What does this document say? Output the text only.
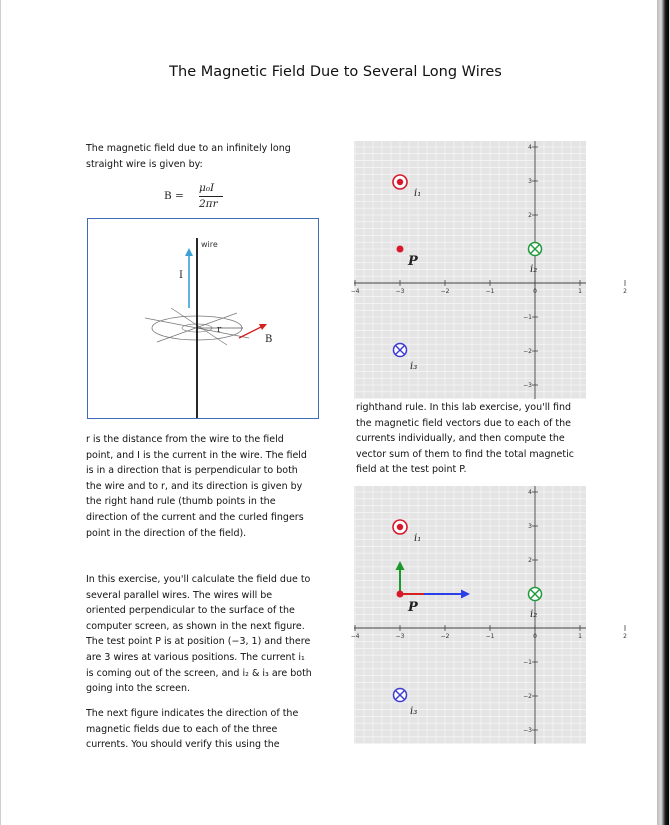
The Magnetic Field Due to Several Long Wires
The magnetic field due to an infinitely long
straight wire is given by:
B =
μ₀I
2πr
wire
I
r
B
r is the distance from the wire to the field
point, and I is the current in the wire. The field
is in a direction that is perpendicular to both
the wire and to r, and its direction is given by
the right hand rule (thumb points in the
direction of the current and the curled fingers
point in the direction of the field).
In this exercise, you'll calculate the field due to
several parallel wires. The wires will be
oriented perpendicular to the surface of the
computer screen, as shown in the next figure.
The test point P is at position (−3, 1) and there
are 3 wires at various positions. The current i₁
is coming out of the screen, and i₂ & i₃ are both
going into the screen.
The next figure indicates the direction of the
magnetic fields due to each of the three
currents. You should verify this using the
righthand rule. In this lab exercise, you'll find
the magnetic field vectors due to each of the
currents individually, and then compute the
vector sum of them to find the total magnetic
field at the test point P.
−4	−3	−2	−1	0	1	2
4
3
2
−1
−2
−3
i₁
P
i₂
i₃
−4	−3	−2	−1	0	1	2
4
3
2
−1
−2
−3
i₁
P	i₂
i₃
